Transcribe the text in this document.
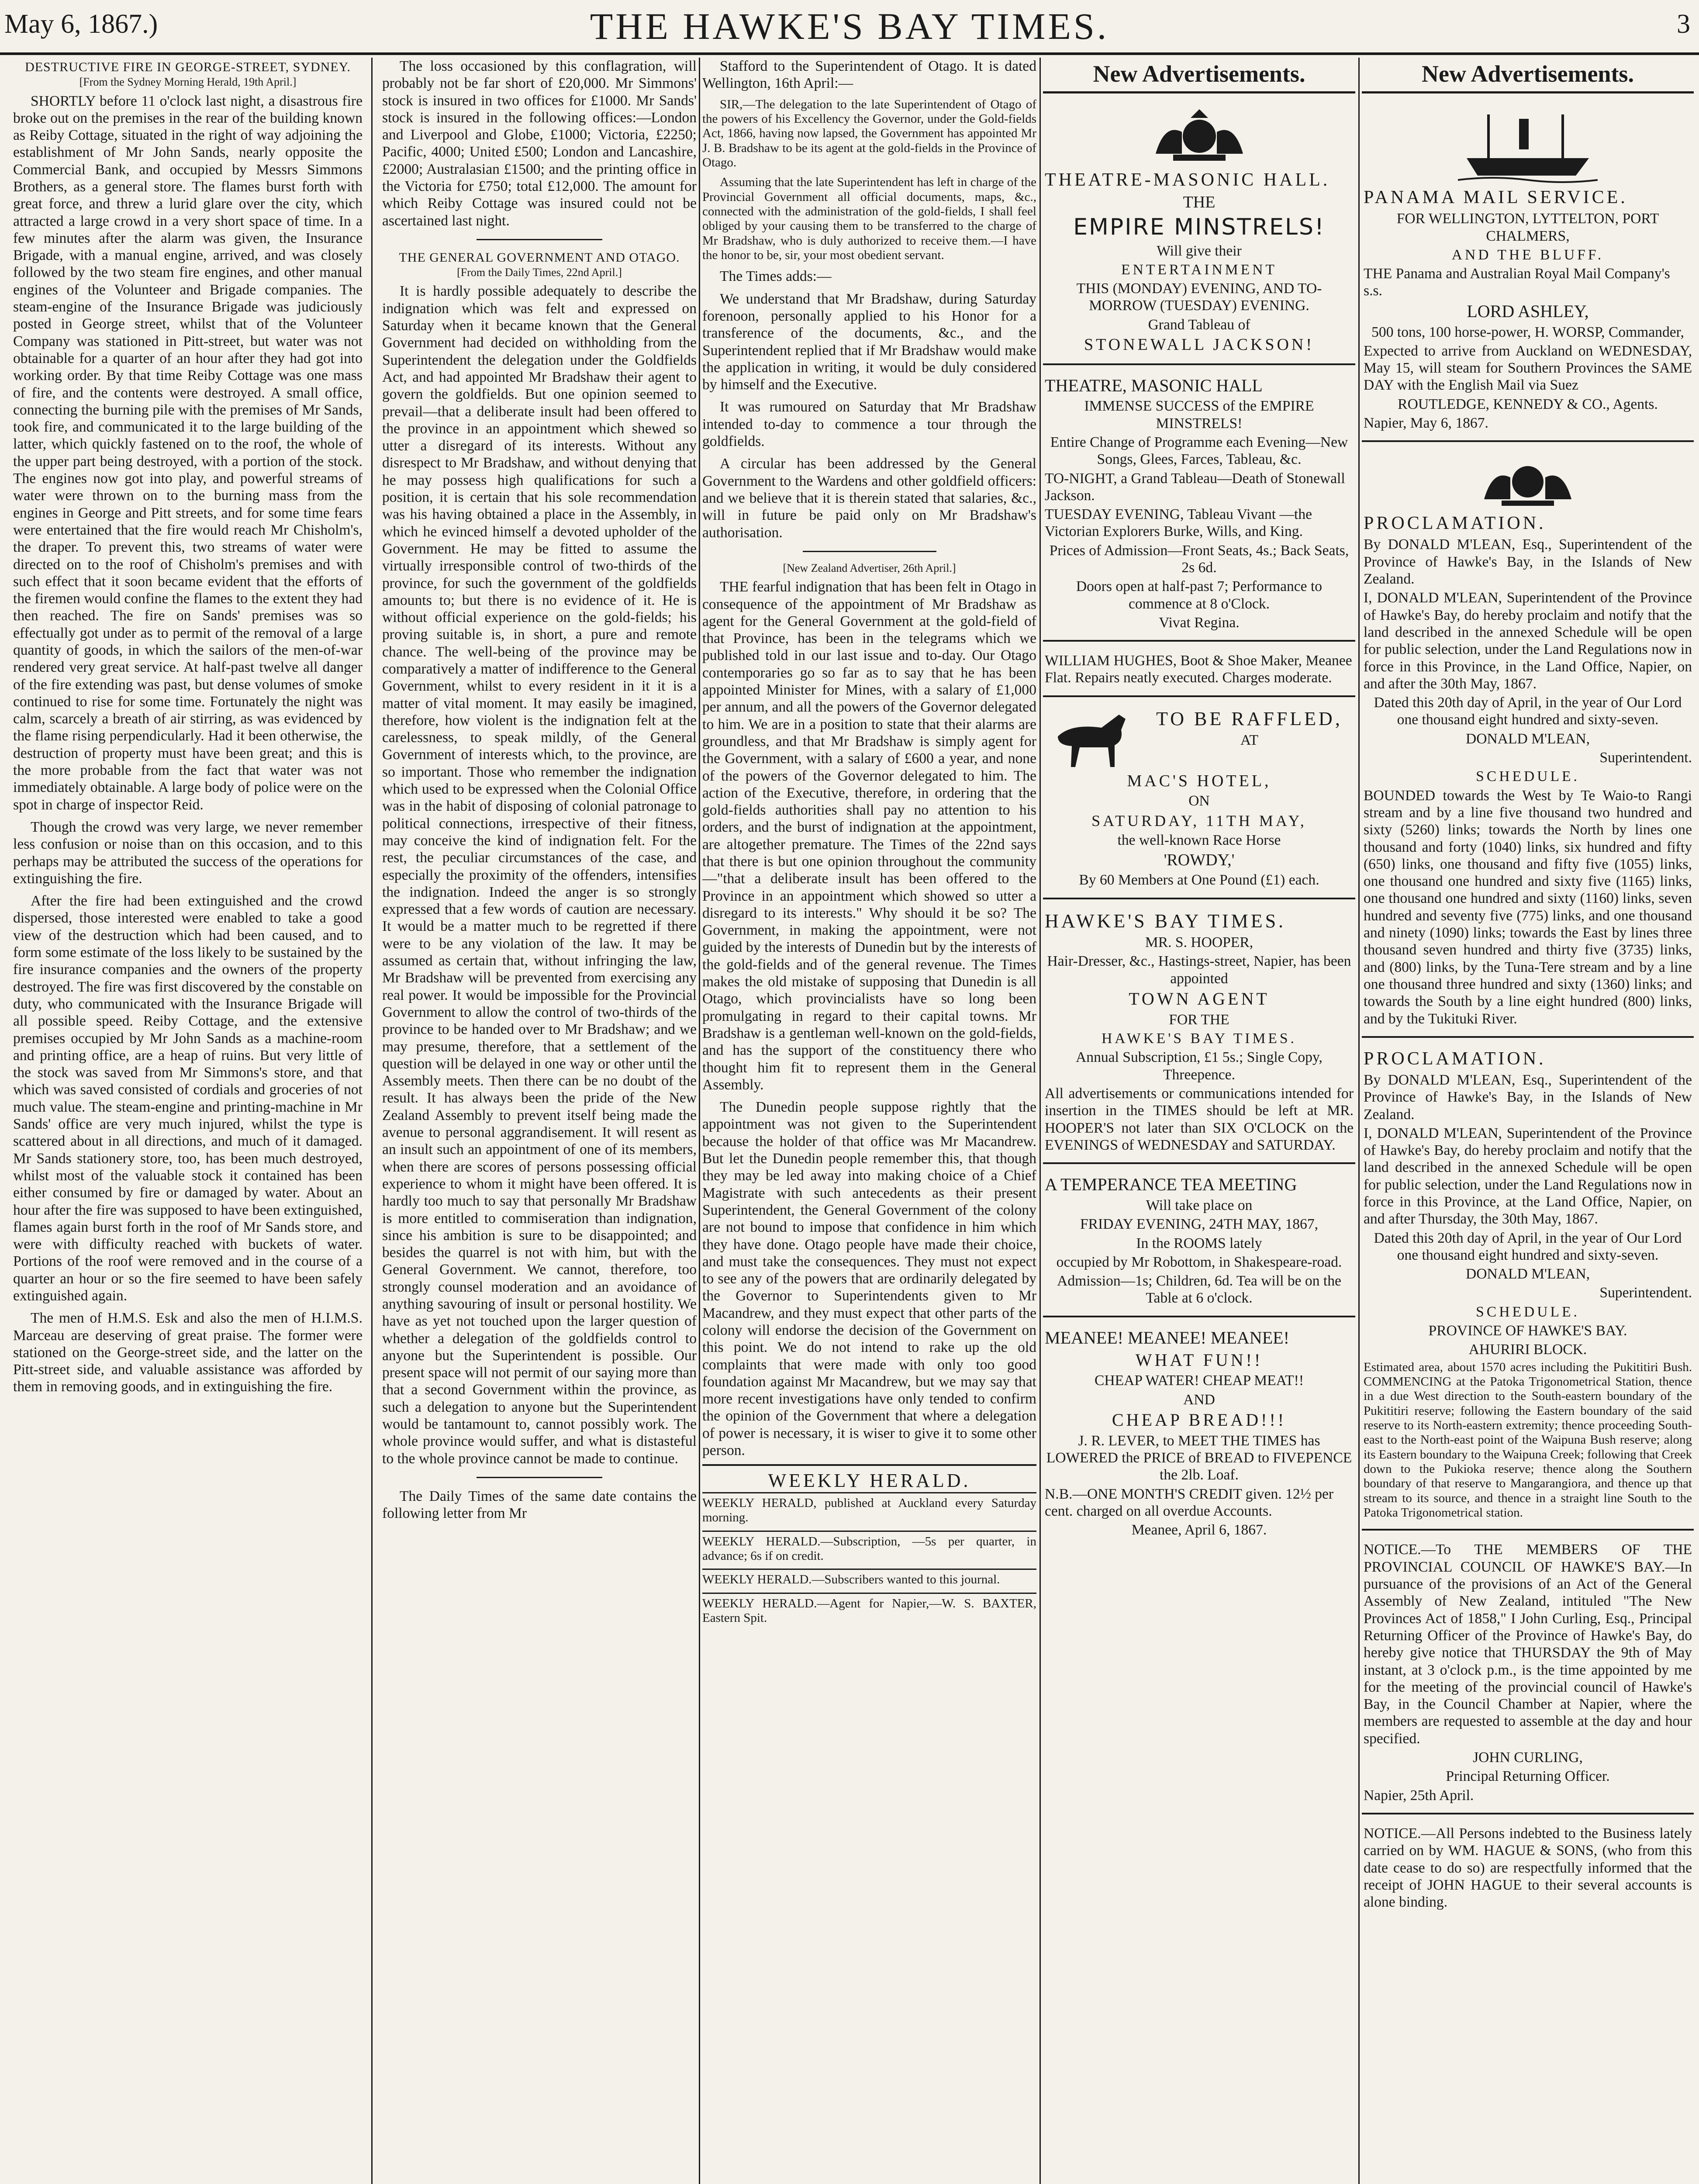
May 6, 1867.)	THE HAWKE'S BAY TIMES.	3
DESTRUCTIVE FIRE IN GEORGE-STREET, SYDNEY.
[From the Sydney Morning Herald, 19th April.]

SHORTLY before 11 o'clock last night, a disastrous fire broke out on the premises in the rear of the building known as Reiby Cottage, situated in the right of way adjoining the establishment of Mr John Sands, nearly opposite the Commercial Bank, and occupied by Messrs Simmons Brothers, as a general store. The flames burst forth with great force, and threw a lurid glare over the city, which attracted a large crowd in a very short space of time. In a few minutes after the alarm was given, the Insurance Brigade, with a manual engine, arrived, and was closely followed by the two steam fire engines, and other manual engines of the Volunteer and Brigade companies. The steam-engine of the Insurance Brigade was judiciously posted in George street, whilst that of the Volunteer Company was stationed in Pitt-street, but water was not obtainable for a quarter of an hour after they had got into working order. By that time Reiby Cottage was one mass of fire, and the contents were destroyed. A small office, connecting the burning pile with the premises of Mr Sands, took fire, and communicated it to the large building of the latter, which quickly fastened on to the roof, the whole of the upper part being destroyed, with a portion of the stock. The engines now got into play, and powerful streams of water were thrown on to the burning mass from the engines in George and Pitt streets, and for some time fears were entertained that the fire would reach Mr Chisholm's, the draper. To prevent this, two streams of water were directed on to the roof of Chisholm's premises and with such effect that it soon became evident that the efforts of the firemen would confine the flames to the extent they had then reached. The fire on Sands' premises was so effectually got under as to permit of the removal of a large quantity of goods, in which the sailors of the men-of-war rendered very great service. At half-past twelve all danger of the fire extending was past, but dense volumes of smoke continued to rise for some time. Fortunately the night was calm, scarcely a breath of air stirring, as was evidenced by the flame rising perpendicularly. Had it been otherwise, the destruction of property must have been great; and this is the more probable from the fact that water was not immediately obtainable. A large body of police were on the spot in charge of inspector Reid.

Though the crowd was very large, we never remember less confusion or noise than on this occasion, and to this perhaps may be attributed the success of the operations for extinguishing the fire.

After the fire had been extinguished and the crowd dispersed, those interested were enabled to take a good view of the destruction which had been caused, and to form some estimate of the loss likely to be sustained by the fire insurance companies and the owners of the property destroyed. The fire was first discovered by the constable on duty, who communicated with the Insurance Brigade will all possible speed. Reiby Cottage, and the extensive premises occupied by Mr John Sands as a machine-room and printing office, are a heap of ruins. But very little of the stock was saved from Mr Simmons's store, and that which was saved consisted of cordials and groceries of not much value. The steam-engine and printing-machine in Mr Sands' office are very much injured, whilst the type is scattered about in all directions, and much of it damaged. Mr Sands stationery store, too, has been much destroyed, whilst most of the valuable stock it contained has been either consumed by fire or damaged by water. About an hour after the fire was supposed to have been extinguished, flames again burst forth in the roof of Mr Sands store, and were with difficulty reached with buckets of water. Portions of the roof were removed and in the course of a quarter an hour or so the fire seemed to have been safely extinguished again.

The men of H.M.S. Esk and also the men of H.I.M.S. Marceau are deserving of great praise. The former were stationed on the George-street side, and the latter on the Pitt-street side, and valuable assistance was afforded by them in removing goods, and in extinguishing the fire.

The loss occasioned by this conflagration, will probably not be far short of £20,000. Mr Simmons' stock is insured in two offices for £1000. Mr Sands' stock is insured in the following offices:—London and Liverpool and Globe, £1000; Victoria, £2250; Pacific, 4000; United £500; London and Lancashire, £2000; Australasian £1500; and the printing office in the Victoria for £750; total £12,000. The amount for which Reiby Cottage was insured could not be ascertained last night.

THE GENERAL GOVERNMENT AND OTAGO.
[From the Daily Times, 22nd April.]

It is hardly possible adequately to describe the indignation which was felt and expressed on Saturday when it became known that the General Government had decided on withholding from the Superintendent the delegation under the Goldfields Act, and had appointed Mr Bradshaw their agent to govern the goldfields. But one opinion seemed to prevail—that a deliberate insult had been offered to the province in an appointment which shewed so utter a disregard of its interests. Without any disrespect to Mr Bradshaw, and without denying that he may possess high qualifications for such a position, it is certain that his sole recommendation was his having obtained a place in the Assembly, in which he evinced himself a devoted upholder of the Government. He may be fitted to assume the virtually irresponsible control of two-thirds of the province, for such the government of the goldfields amounts to; but there is no evidence of it. He is without official experience on the gold-fields; his proving suitable is, in short, a pure and remote chance. The well-being of the province may be comparatively a matter of indifference to the General Government, whilst to every resident in it it is a matter of vital moment. It may easily be imagined, therefore, how violent is the indignation felt at the carelessness, to speak mildly, of the General Government of interests which, to the province, are so important. Those who remember the indignation which used to be expressed when the Colonial Office was in the habit of disposing of colonial patronage to political connections, irrespective of their fitness, may conceive the kind of indignation felt. For the rest, the peculiar circumstances of the case, and especially the proximity of the offenders, intensifies the indignation. Indeed the anger is so strongly expressed that a few words of caution are necessary. It would be a matter much to be regretted if there were to be any violation of the law. It may be assumed as certain that, without infringing the law, Mr Bradshaw will be prevented from exercising any real power. It would be impossible for the Provincial Government to allow the control of two-thirds of the province to be handed over to Mr Bradshaw; and we may presume, therefore, that a settlement of the question will be delayed in one way or other until the Assembly meets. Then there can be no doubt of the result. It has always been the pride of the New Zealand Assembly to prevent itself being made the avenue to personal aggrandisement. It will resent as an insult such an appointment of one of its members, when there are scores of persons possessing official experience to whom it might have been offered. It is hardly too much to say that personally Mr Bradshaw is more entitled to commiseration than indignation, since his ambition is sure to be disappointed; and besides the quarrel is not with him, but with the General Government. We cannot, therefore, too strongly counsel moderation and an avoidance of anything savouring of insult or personal hostility. We have as yet not touched upon the larger question of whether a delegation of the goldfields control to anyone but the Superintendent is possible. Our present space will not permit of our saying more than that a second Government within the province, as such a delegation to anyone but the Superintendent would be tantamount to, cannot possibly work. The whole province would suffer, and what is distasteful to the whole province cannot be made to continue.

The Daily Times of the same date contains the following letter from Mr

Stafford to the Superintendent of Otago. It is dated Wellington, 16th April:—

SIR,—The delegation to the late Superintendent of Otago of the powers of his Excellency the Governor, under the Gold-fields Act, 1866, having now lapsed, the Government has appointed Mr J. B. Bradshaw to be its agent at the gold-fields in the Province of Otago.

Assuming that the late Superintendent has left in charge of the Provincial Government all official documents, maps, &c., connected with the administration of the gold-fields, I shall feel obliged by your causing them to be transferred to the charge of Mr Bradshaw, who is duly authorized to receive them.—I have the honor to be, sir, your most obedient servant.

The Times adds:—

We understand that Mr Bradshaw, during Saturday forenoon, personally applied to his Honor for a transference of the documents, &c., and the Superintendent replied that if Mr Bradshaw would make the application in writing, it would be duly considered by himself and the Executive.

It was rumoured on Saturday that Mr Bradshaw intended to-day to commence a tour through the goldfields.

A circular has been addressed by the General Government to the Wardens and other goldfield officers: and we believe that it is therein stated that salaries, &c., will in future be paid only on Mr Bradshaw's authorisation.

[New Zealand Advertiser, 26th April.]

THE fearful indignation that has been felt in Otago in consequence of the appointment of Mr Bradshaw as agent for the General Government at the gold-field of that Province, has been in the telegrams which we published told in our last issue and to-day. Our Otago contemporaries go so far as to say that he has been appointed Minister for Mines, with a salary of £1,000 per annum, and all the powers of the Governor delegated to him. We are in a position to state that their alarms are groundless, and that Mr Bradshaw is simply agent for the Government, with a salary of £600 a year, and none of the powers of the Governor delegated to him. The action of the Executive, therefore, in ordering that the gold-fields authorities shall pay no attention to his orders, and the burst of indignation at the appointment, are altogether premature. The Times of the 22nd says that there is but one opinion throughout the community—"that a deliberate insult has been offered to the Province in an appointment which showed so utter a disregard to its interests." Why should it be so? The Government, in making the appointment, were not guided by the interests of Dunedin but by the interests of the gold-fields and of the general revenue. The Times makes the old mistake of supposing that Dunedin is all Otago, which provincialists have so long been promulgating in regard to their capital towns. Mr Bradshaw is a gentleman well-known on the gold-fields, and has the support of the constituency there who thought him fit to represent them in the General Assembly.

The Dunedin people suppose rightly that the appointment was not given to the Superintendent because the holder of that office was Mr Macandrew. But let the Dunedin people remember this, that though they may be led away into making choice of a Chief Magistrate with such antecedents as their present Superintendent, the General Government of the colony are not bound to impose that confidence in him which they have done. Otago people have made their choice, and must take the consequences. They must not expect to see any of the powers that are ordinarily delegated by the Governor to Superintendents given to Mr Macandrew, and they must expect that other parts of the colony will endorse the decision of the Government on this point. We do not intend to rake up the old complaints that were made with only too good foundation against Mr Macandrew, but we may say that more recent investigations have only tended to confirm the opinion of the Government that where a delegation of power is necessary, it is wiser to give it to some other person.

WEEKLY HERALD.

WEEKLY HERALD, published at Auckland every Saturday morning.

WEEKLY HERALD.—Subscription, —5s per quarter, in advance; 6s if on credit.

WEEKLY HERALD.—Subscribers wanted to this journal.

WEEKLY HERALD.—Agent for Napier,—W. S. BAXTER, Eastern Spit.

New Advertisements.

THEATRE-MASONIC HALL.

THE

EMPIRE MINSTRELS!

Will give their

ENTERTAINMENT

THIS (MONDAY) EVENING, AND TO-MORROW (TUESDAY) EVENING.

Grand Tableau of

STONEWALL JACKSON!

THEATRE, MASONIC HALL

IMMENSE SUCCESS of the EMPIRE MINSTRELS!

Entire Change of Programme each Evening—New Songs, Glees, Farces, Tableau, &c.

TO-NIGHT, a Grand Tableau—Death of Stonewall Jackson.

TUESDAY EVENING, Tableau Vivant —the Victorian Explorers Burke, Wills, and King.

Prices of Admission—Front Seats, 4s.; Back Seats, 2s 6d.

Doors open at half-past 7; Performance to commence at 8 o'Clock.

Vivat Regina.

WILLIAM HUGHES, Boot & Shoe Maker, Meanee Flat. Repairs neatly executed. Charges moderate.

TO BE RAFFLED,

AT

MAC'S HOTEL,

ON

SATURDAY, 11TH MAY,

the well-known Race Horse

'ROWDY,'

By 60 Members at One Pound (£1) each.

HAWKE'S BAY TIMES.

MR. S. HOOPER,

Hair-Dresser, &c., Hastings-street, Napier, has been appointed

TOWN AGENT

FOR THE

HAWKE'S BAY TIMES.

Annual Subscription, £1 5s.; Single Copy, Threepence.

All advertisements or communications intended for insertion in the TIMES should be left at MR. HOOPER'S not later than SIX O'CLOCK on the EVENINGS of WEDNESDAY and SATURDAY.

A TEMPERANCE TEA MEETING

Will take place on

FRIDAY EVENING, 24TH MAY, 1867,

In the ROOMS lately

occupied by Mr Robottom, in Shakespeare-road.

Admission—1s; Children, 6d. Tea will be on the Table at 6 o'clock.

MEANEE! MEANEE! MEANEE!

WHAT FUN!!

CHEAP WATER! CHEAP MEAT!!

AND

CHEAP BREAD!!!

J. R. LEVER, to MEET THE TIMES has LOWERED the PRICE of BREAD to FIVEPENCE the 2lb. Loaf.

N.B.—ONE MONTH'S CREDIT given. 12½ per cent. charged on all overdue Accounts.

Meanee, April 6, 1867.

New Advertisements.

PANAMA MAIL SERVICE.

FOR WELLINGTON, LYTTELTON, PORT CHALMERS,

AND THE BLUFF.

THE Panama and Australian Royal Mail Company's s.s.

LORD ASHLEY,

500 tons, 100 horse-power, H. WORSP, Commander,

Expected to arrive from Auckland on WEDNESDAY, May 15, will steam for Southern Provinces the SAME DAY with the English Mail via Suez

ROUTLEDGE, KENNEDY & CO., Agents.

Napier, May 6, 1867.

PROCLAMATION.

By DONALD M'LEAN, Esq., Superintendent of the Province of Hawke's Bay, in the Islands of New Zealand.

I, DONALD M'LEAN, Superintendent of the Province of Hawke's Bay, do hereby proclaim and notify that the land described in the annexed Schedule will be open for public selection, under the Land Regulations now in force in this Province, in the Land Office, Napier, on and after the 30th May, 1867.

Dated this 20th day of April, in the year of Our Lord one thousand eight hundred and sixty-seven.

DONALD M'LEAN,

Superintendent.

SCHEDULE.

BOUNDED towards the West by Te Waio-to Rangi stream and by a line five thousand two hundred and sixty (5260) links; towards the North by lines one thousand and forty (1040) links, six hundred and fifty (650) links, one thousand and fifty five (1055) links, one thousand one hundred and sixty five (1165) links, one thousand one hundred and sixty (1160) links, seven hundred and seventy five (775) links, and one thousand and ninety (1090) links; towards the East by lines three thousand seven hundred and thirty five (3735) links, and (800) links, by the Tuna-Tere stream and by a line one thousand three hundred and sixty (1360) links; and towards the South by a line eight hundred (800) links, and by the Tukituki River.

PROCLAMATION.

By DONALD M'LEAN, Esq., Superintendent of the Province of Hawke's Bay, in the Islands of New Zealand.

I, DONALD M'LEAN, Superintendent of the Province of Hawke's Bay, do hereby proclaim and notify that the land described in the annexed Schedule will be open for public selection, under the Land Regulations now in force in this Province, at the Land Office, Napier, on and after Thursday, the 30th May, 1867.

Dated this 20th day of April, in the year of Our Lord one thousand eight hundred and sixty-seven.

DONALD M'LEAN,

Superintendent.

SCHEDULE.

PROVINCE OF HAWKE'S BAY.

AHURIRI BLOCK.

Estimated area, about 1570 acres including the Pukititiri Bush. COMMENCING at the Patoka Trigonometrical Station, thence in a due West direction to the South-eastern boundary of the Pukititiri reserve; following the Eastern boundary of the said reserve to its North-eastern extremity; thence proceeding South-east to the North-east point of the Waipuna Bush reserve; along its Eastern boundary to the Waipuna Creek; following that Creek down to the Pukioka reserve; thence along the Southern boundary of that reserve to Mangarangiora, and thence up that stream to its source, and thence in a straight line South to the Patoka Trigonometrical station.

NOTICE.—To THE MEMBERS OF THE PROVINCIAL COUNCIL OF HAWKE'S BAY.—In pursuance of the provisions of an Act of the General Assembly of New Zealand, intituled "The New Provinces Act of 1858," I John Curling, Esq., Principal Returning Officer of the Province of Hawke's Bay, do hereby give notice that THURSDAY the 9th of May instant, at 3 o'clock p.m., is the time appointed by me for the meeting of the provincial council of Hawke's Bay, in the Council Chamber at Napier, where the members are requested to assemble at the day and hour specified.

JOHN CURLING,

Principal Returning Officer.

Napier, 25th April.

NOTICE.—All Persons indebted to the Business lately carried on by WM. HAGUE & SONS, (who from this date cease to do so) are respectfully informed that the receipt of JOHN HAGUE to their several accounts is alone binding.
